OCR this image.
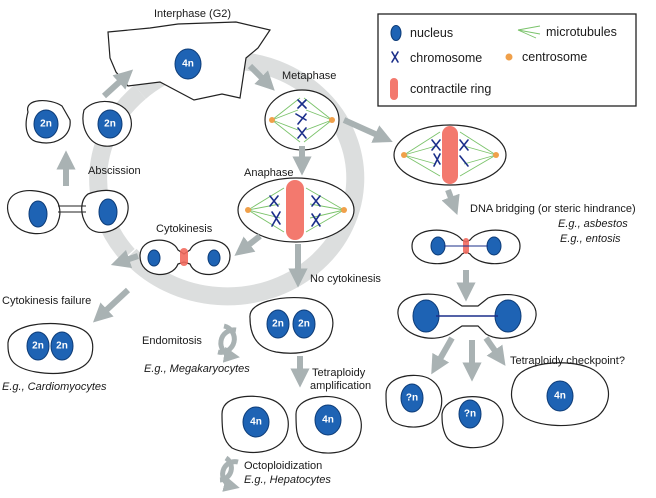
nucleus	microtubules
chromosome	centrosome
contractile ring
4n
Interphase (G2)
Metaphase
Anaphase
Cytokinesis
Abscission
2n	2n
2n 2n
Cytokinesis failure
E.g., Cardiomyocytes
2n 2n
No cytokinesis
Endomitosis
E.g., Megakaryocytes
4n	4n
Tetraploidy
amplification
Octoploidization
E.g., Hepatocytes
DNA bridging (or steric hindrance)
E.g., asbestos
E.g., entosis
?n
?n
4n
Tetraploidy checkpoint?
